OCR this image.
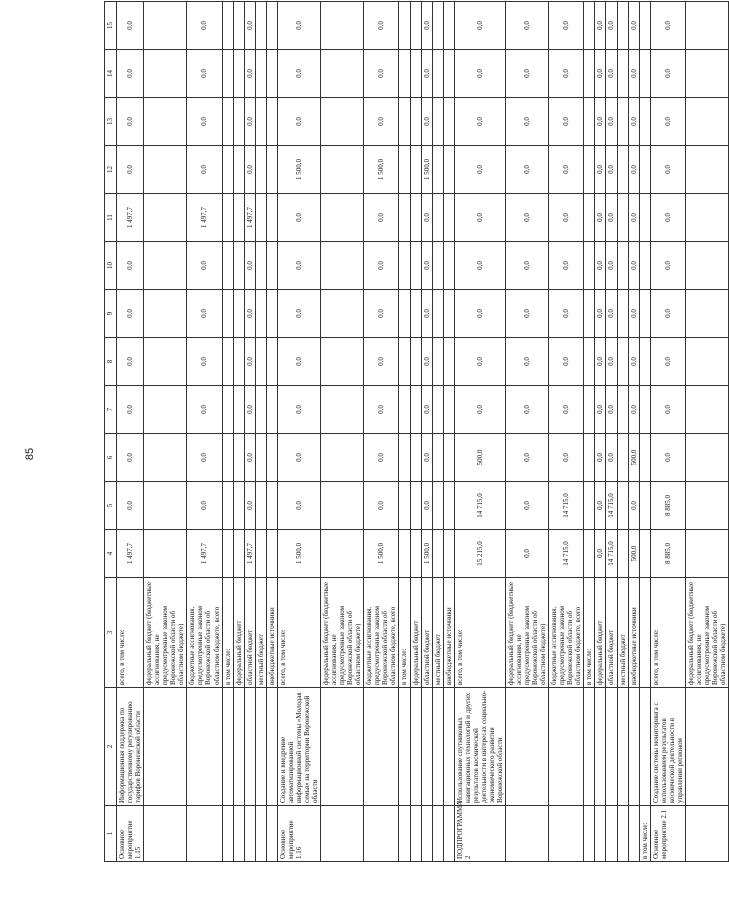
85
1	2	3	4	5	6	7	8	9	10	11	12	13	14	15
Основное мероприятие 1.15	Информационная поддержка по государственному регулированию тарифов Воронежской области	всего, в том числе:	1 497,7	0,0	0,0	0,0	0,0	0,0	0,0	1 497,7	0,0	0,0	0,0	0,0
		федеральный бюджет (бюджетные ассигнования, не предусмотренные законом Воронежской области об областном бюджете)												
		бюджетные ассигнования, предусмотренные законом Воронежской области об областном бюджете, всего	1 497,7	0,0	0,0	0,0	0,0	0,0	0,0	1 497,7	0,0	0,0	0,0	0,0
		в том числе:												
		федеральный бюджет												
		областной бюджет	1 497,7	0,0	0,0	0,0	0,0	0,0	0,0	1 497,7	0,0	0,0	0,0	0,0
		местный бюджет												
		внебюджетные источники												
Основное мероприятие 1.16	Создание и внедрение автоматизированной информационной системы «Молодая семья» на территории Воронежской области	всего, в том числе:	1 500,0	0,0	0,0	0,0	0,0	0,0	0,0	0,0	1 500,0	0,0	0,0	0,0
		федеральный бюджет (бюджетные ассигнования, не предусмотренные законом Воронежской области об областном бюджете)												
		бюджетные ассигнования, предусмотренные законом Воронежской области об областном бюджете, всего	1 500,0	0,0	0,0	0,0	0,0	0,0	0,0	0,0	1 500,0	0,0	0,0	0,0
		в том числе:												
		федеральный бюджет												
		областной бюджет	1 500,0	0,0	0,0	0,0	0,0	0,0	0,0	0,0	1 500,0	0,0	0,0	0,0
		местный бюджет												
		внебюджетные источники												
ПОДПРОГРАММА 2	Использование спутниковых навигационных технологий и других результатов космической деятельности в интересах социально-экономического развития Воронежской области	всего, в том числе:	15 215,0	14 715,0	500,0	0,0	0,0	0,0	0,0	0,0	0,0	0,0	0,0	0,0
		федеральный бюджет (бюджетные ассигнования, не предусмотренные законом Воронежской области об областном бюджете)	0,0	0,0	0,0	0,0	0,0	0,0	0,0	0,0	0,0	0,0	0,0	0,0
		бюджетные ассигнования, предусмотренные законом Воронежской области об областном бюджете, всего	14 715,0	14 715,0	0,0	0,0	0,0	0,0	0,0	0,0	0,0	0,0	0,0	0,0
		в том числе:												
		федеральный бюджет	0,0	0,0	0,0	0,0	0,0	0,0	0,0	0,0	0,0	0,0	0,0	0,0
		областной бюджет	14 715,0	14 715,0	0,0	0,0	0,0	0,0	0,0	0,0	0,0	0,0	0,0	0,0
		местный бюджет												
		внебюджетные источники	500,0	0,0	500,0	0,0	0,0	0,0	0,0	0,0	0,0	0,0	0,0	0,0
в том числе:														
Основное мероприятие 2.1	Создание системы мониторинга с использованием результатов космической деятельности в управлении регионом	всего, в том числе:	8 885,0	8 885,0	0,0	0,0	0,0	0,0	0,0	0,0	0,0	0,0	0,0	0,0
		федеральный бюджет (бюджетные ассигнования, не предусмотренные законом Воронежской области об областном бюджете)												
